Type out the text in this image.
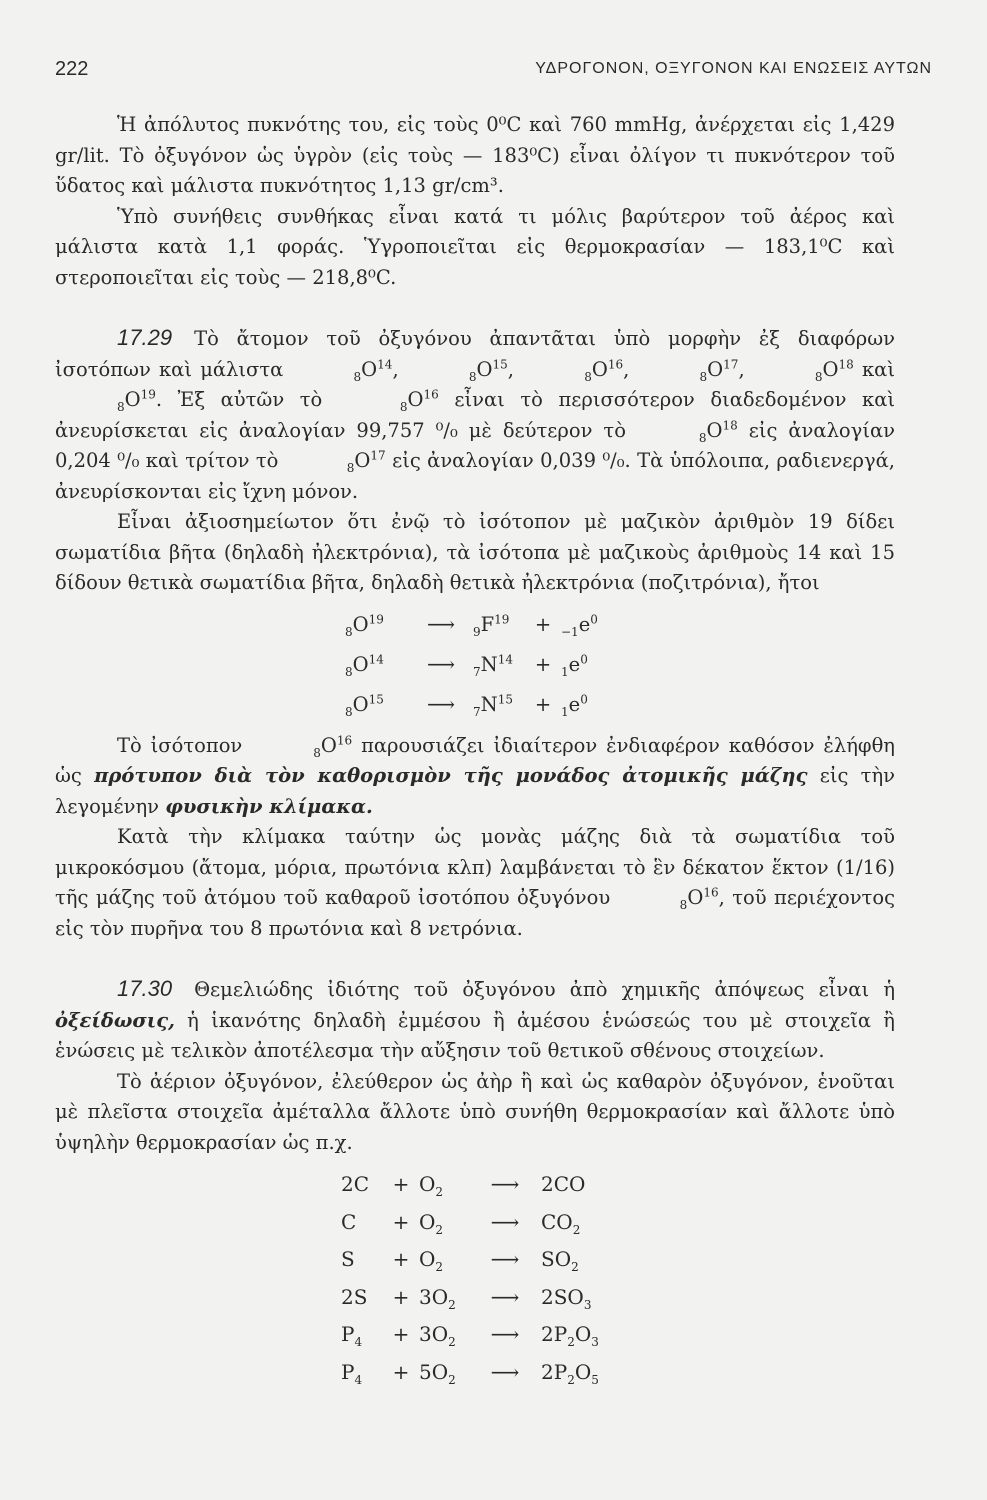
222	ΥΔΡΟΓΟΝΟΝ, ΟΞΥΓΟΝΟΝ ΚΑΙ ΕΝΩΣΕΙΣ ΑΥΤΩΝ

Ἡ ἀπόλυτος πυκνότης του, εἰς τοὺς 0⁰C καὶ 760 mmHg, ἀνέρχεται εἰς 1,429 gr/lit. Τὸ ὀξυγόνον ὡς ὑγρὸν (εἰς τοὺς — 183⁰C) εἶναι ὀλίγον τι πυκνότερον τοῦ ὕδατος καὶ μάλιστα πυκνότητος 1,13 gr/cm³.

Ὑπὸ συνήθεις συνθήκας εἶναι κατά τι μόλις βαρύτερον τοῦ ἀέρος καὶ μάλιστα κατὰ 1,1 φοράς. Ὑγροποιεῖται εἰς θερμοκρασίαν — 183,1⁰C καὶ στεροποιεῖται εἰς τοὺς — 218,8⁰C.

17.29 Τὸ ἄτομον τοῦ ὀξυγόνου ἀπαντᾶται ὑπὸ μορφὴν ἐξ διαφόρων ἰσοτόπων καὶ μάλιστα	$_8O^{14}$,	$_8O^{15}$,	$_8O^{16}$,	$_8O^{17}$,	$_8O^{18}$ καὶ $_8O^{19}$. Ἐξ αὐτῶν τὸ	$_8O^{16}$ εἶναι τὸ περισσότερον διαδεδομένον καὶ ἀνευρίσκεται εἰς ἀναλογίαν 99,757 ⁰/₀ μὲ δεύτερον τὸ	$_8O^{18}$ εἰς ἀναλογίαν 0,204 ⁰/₀ καὶ τρίτον τὸ	$_8O^{17}$ εἰς ἀναλογίαν 0,039 ⁰/₀. Τὰ ὑπόλοιπα, ραδιενεργά, ἀνευρίσκονται εἰς ἴχνη μόνον.

Εἶναι ἀξιοσημείωτον ὅτι ἐνῷ τὸ ἰσότοπον μὲ μαζικὸν ἀριθμὸν 19 δίδει σωματίδια βῆτα (δηλαδὴ ἠλεκτρόνια), τὰ ἰσότοπα μὲ μαζικοὺς ἀριθμοὺς 14 καὶ 15 δίδουν θετικὰ σωματίδια βῆτα, δηλαδὴ θετικὰ ἠλεκτρόνια (ποζιτρόνια), ἤτοι

$_8O^{19}$ ⟶ $_9F^{19} + _{-1}e^0$
$_8O^{14}$ ⟶ $_7N^{14} + _1e^0$
$_8O^{15}$ ⟶ $_7N^{15} + _1e^0$

Τὸ ἰσότοπον	$_8O^{16}$ παρουσιάζει ἰδιαίτερον ἐνδιαφέρον καθόσον ἐλήφθη ὡς πρότυπον διὰ τὸν καθορισμὸν τῆς μονάδος ἀτομικῆς μάζης εἰς τὴν λεγομένην φυσικὴν κλίμακα.

Κατὰ τὴν κλίμακα ταύτην ὡς μονὰς μάζης διὰ τὰ σωματίδια τοῦ μικροκόσμου (ἄτομα, μόρια, πρωτόνια κλπ) λαμβάνεται τὸ ἓν δέκατον ἕκτον (1/16) τῆς μάζης τοῦ ἀτόμου τοῦ καθαροῦ ἰσοτόπου ὀξυγόνου	$_8O^{16}$, τοῦ περιέχοντος εἰς τὸν πυρῆνα του 8 πρωτόνια καὶ 8 νετρόνια.

17.30 Θεμελιώδης ἰδιότης τοῦ ὀξυγόνου ἀπὸ χημικῆς ἀπόψεως εἶναι ἡ ὀξείδωσις, ἡ ἱκανότης δηλαδὴ ἐμμέσου ἢ ἀμέσου ἑνώσεώς του μὲ στοιχεῖα ἢ ἑνώσεις μὲ τελικὸν ἀποτέλεσμα τὴν αὔξησιν τοῦ θετικοῦ σθένους στοιχείων.

Τὸ ἀέριον ὀξυγόνον, ἐλεύθερον ὡς ἀὴρ ἢ καὶ ὡς καθαρὸν ὀξυγόνον, ἑνοῦται μὲ πλεῖστα στοιχεῖα ἀμέταλλα ἄλλοτε ὑπὸ συνήθη θερμοκρασίαν καὶ ἄλλοτε ὑπὸ ὑψηλὴν θερμοκρασίαν ὡς π.χ.

$2C + O_2$ ⟶ 2CO
$C + O_2$ ⟶ $CO_2$
$S + O_2$ ⟶ $SO_2$
$2S + 3O_2$ ⟶ $2SO_3$
$P_4 + 3O_2$ ⟶ $2P_2O_3$
$P_4 + 5O_2$ ⟶ $2P_2O_5$
